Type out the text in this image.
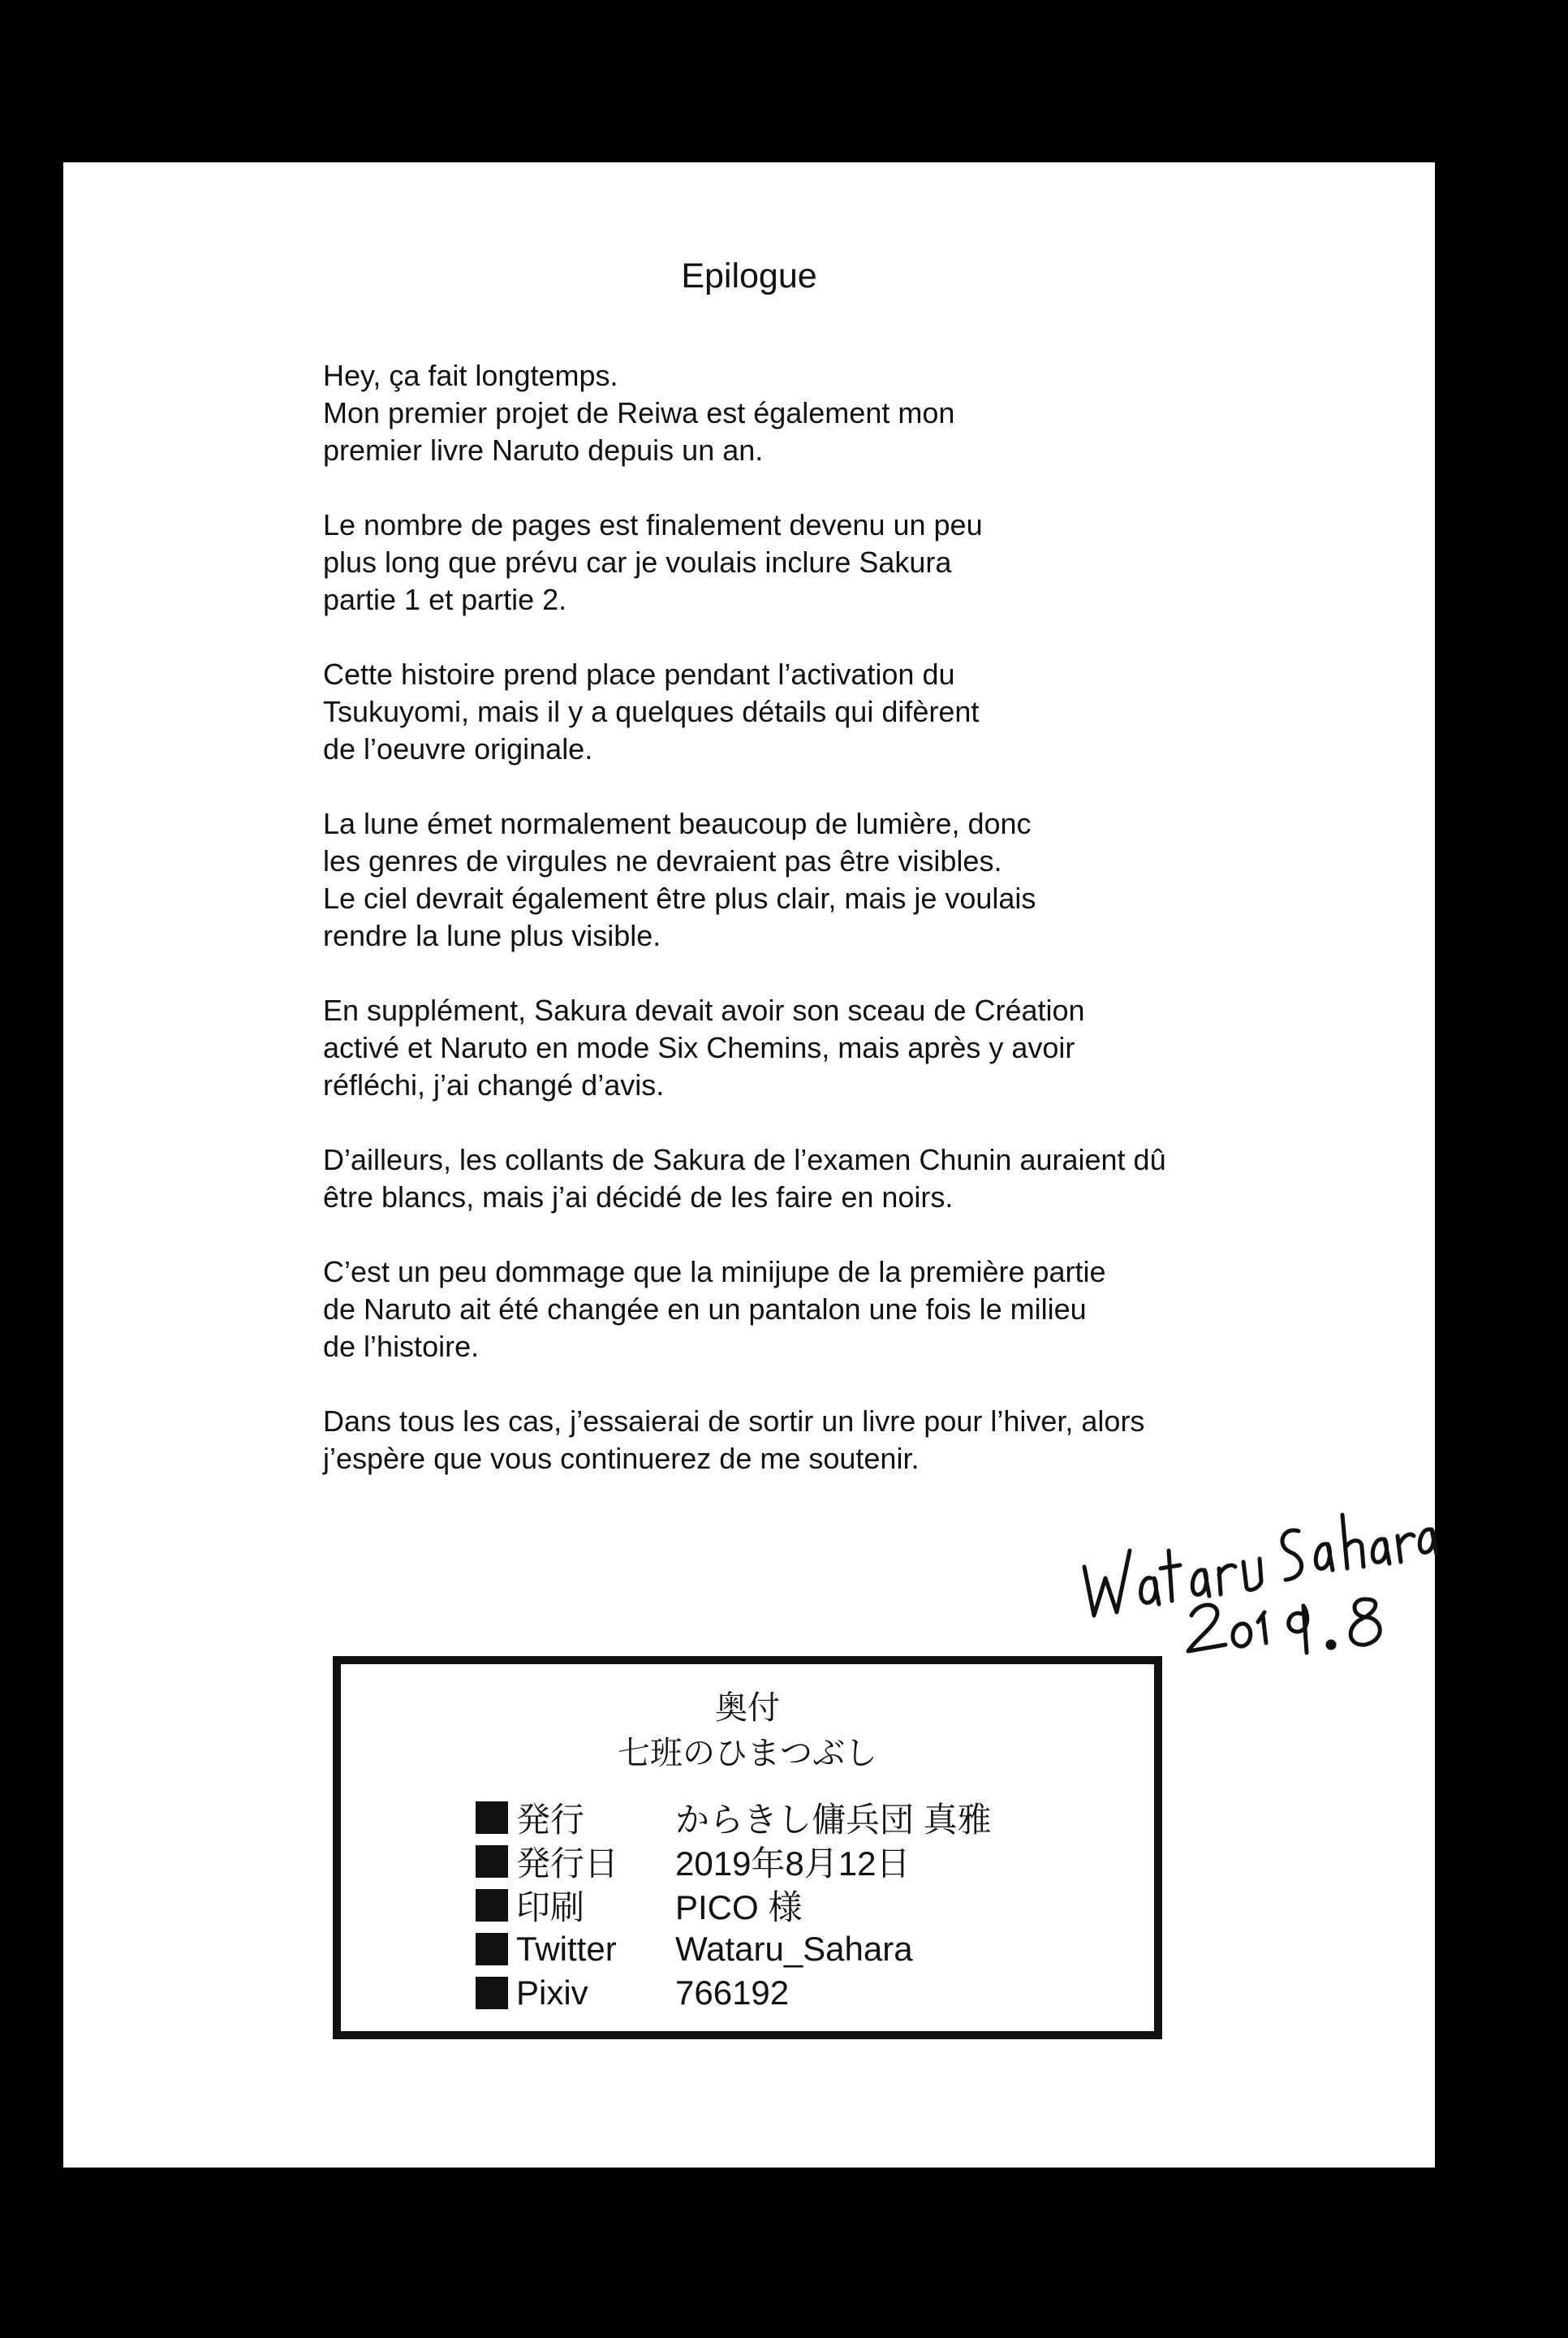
Epilogue

Hey, ça fait longtemps.
Mon premier projet de Reiwa est également mon
premier livre Naruto depuis un an.

Le nombre de pages est finalement devenu un peu
plus long que prévu car je voulais inclure Sakura
partie 1 et partie 2.

Cette histoire prend place pendant l’activation du
Tsukuyomi, mais il y a quelques détails qui difèrent
de l’oeuvre originale.

La lune émet normalement beaucoup de lumière, donc
les genres de virgules ne devraient pas être visibles.
Le ciel devrait également être plus clair, mais je voulais
rendre la lune plus visible.

En supplément, Sakura devait avoir son sceau de Création
activé et Naruto en mode Six Chemins, mais après y avoir
réfléchi, j’ai changé d’avis.

D’ailleurs, les collants de Sakura de l’examen Chunin auraient dû
être blancs, mais j’ai décidé de les faire en noirs.

C’est un peu dommage que la minijupe de la première partie
de Naruto ait été changée en un pantalon une fois le milieu
de l’histoire.

Dans tous les cas, j’essaierai de sortir un livre pour l’hiver, alors
j’espère que vous continuerez de me soutenir.

奥付
七班のひまつぶし
発行	からきし傭兵団 真雅
発行日	2019年8月12日
印刷	PICO 様
Twitter	Wataru_Sahara
Pixiv	766192
